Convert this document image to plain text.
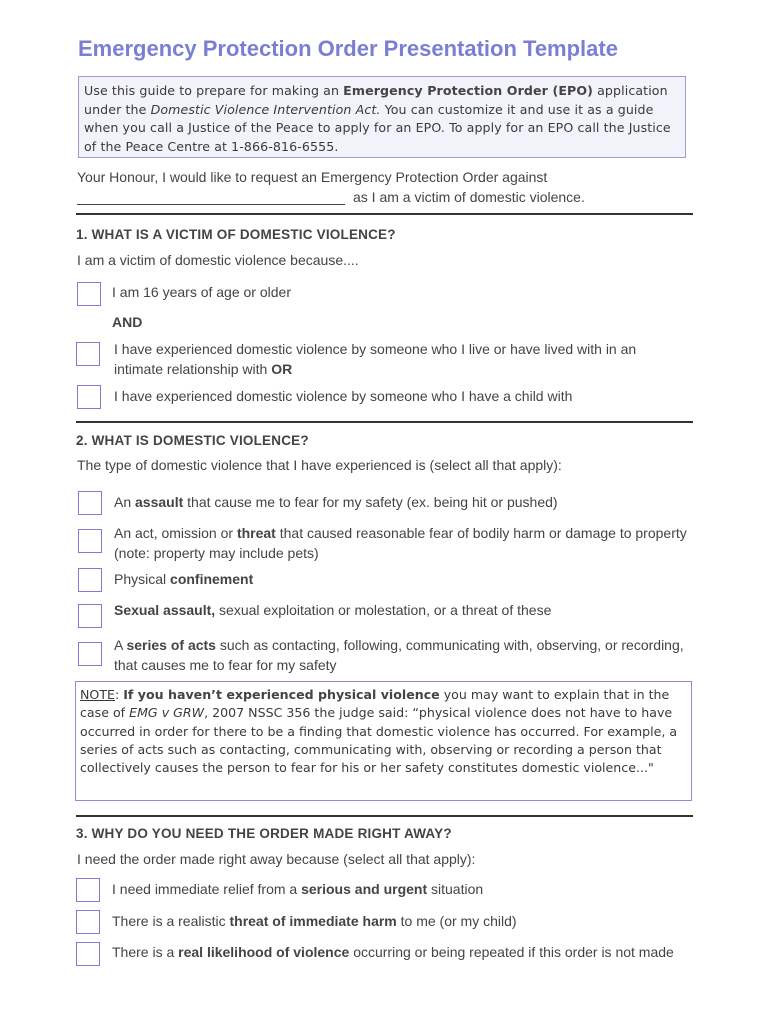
Emergency Protection Order Presentation Template
Use this guide to prepare for making an Emergency Protection Order (EPO) application under the Domestic Violence Intervention Act. You can customize it and use it as a guide when you call a Justice of the Peace to apply for an EPO. To apply for an EPO call the Justice of the Peace Centre at 1-866-816-6555.
Your Honour, I would like to request an Emergency Protection Order against
as I am a victim of domestic violence.
1. WHAT IS A VICTIM OF DOMESTIC VIOLENCE?
I am a victim of domestic violence because....
I am 16 years of age or older
AND
I have experienced domestic violence by someone who I live or have lived with in an intimate relationship with OR
I have experienced domestic violence by someone who I have a child with
2. WHAT IS DOMESTIC VIOLENCE?
The type of domestic violence that I have experienced is (select all that apply):
An assault that cause me to fear for my safety (ex. being hit or pushed)
An act, omission or threat that caused reasonable fear of bodily harm or damage to property (note: property may include pets)
Physical confinement
Sexual assault, sexual exploitation or molestation, or a threat of these
A series of acts such as contacting, following, communicating with, observing, or recording, that causes me to fear for my safety
NOTE: If you haven’t experienced physical violence you may want to explain that in the case of EMG v GRW, 2007 NSSC 356 the judge said: “physical violence does not have to have occurred in order for there to be a finding that domestic violence has occurred. For example, a series of acts such as contacting, communicating with, observing or recording a person that collectively causes the person to fear for his or her safety constitutes domestic violence..."
3. WHY DO YOU NEED THE ORDER MADE RIGHT AWAY?
I need the order made right away because (select all that apply):
I need immediate relief from a serious and urgent situation
There is a realistic threat of immediate harm to me (or my child)
There is a real likelihood of violence occurring or being repeated if this order is not made
